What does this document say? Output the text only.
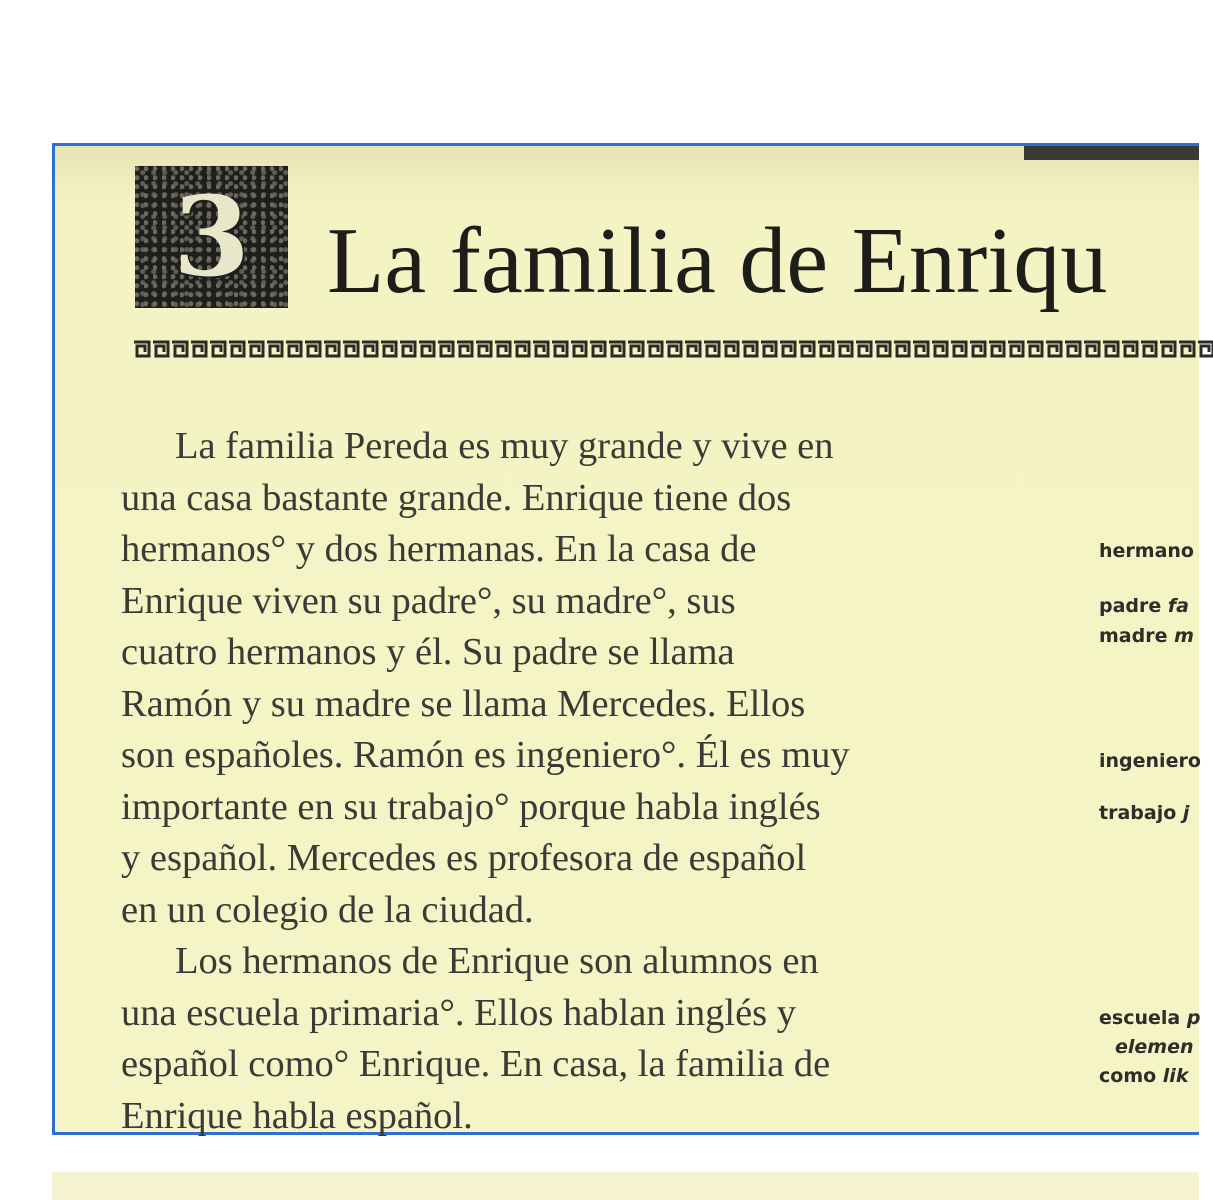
3 La familia de Enriqu

La familia Pereda es muy grande y vive en
una casa bastante grande. Enrique tiene dos
hermanos° y dos hermanas. En la casa de
Enrique viven su padre°, su madre°, sus
cuatro hermanos y él. Su padre se llama
Ramón y su madre se llama Mercedes. Ellos
son españoles. Ramón es ingeniero°. Él es muy
importante en su trabajo° porque habla inglés
y español. Mercedes es profesora de español
en un colegio de la ciudad.

Los hermanos de Enrique son alumnos en
una escuela primaria°. Ellos hablan inglés y
español como° Enrique. En casa, la familia de
Enrique habla español.

hermano
padre fa
madre m
ingeniero
trabajo j
escuela p
elemen
como lik
